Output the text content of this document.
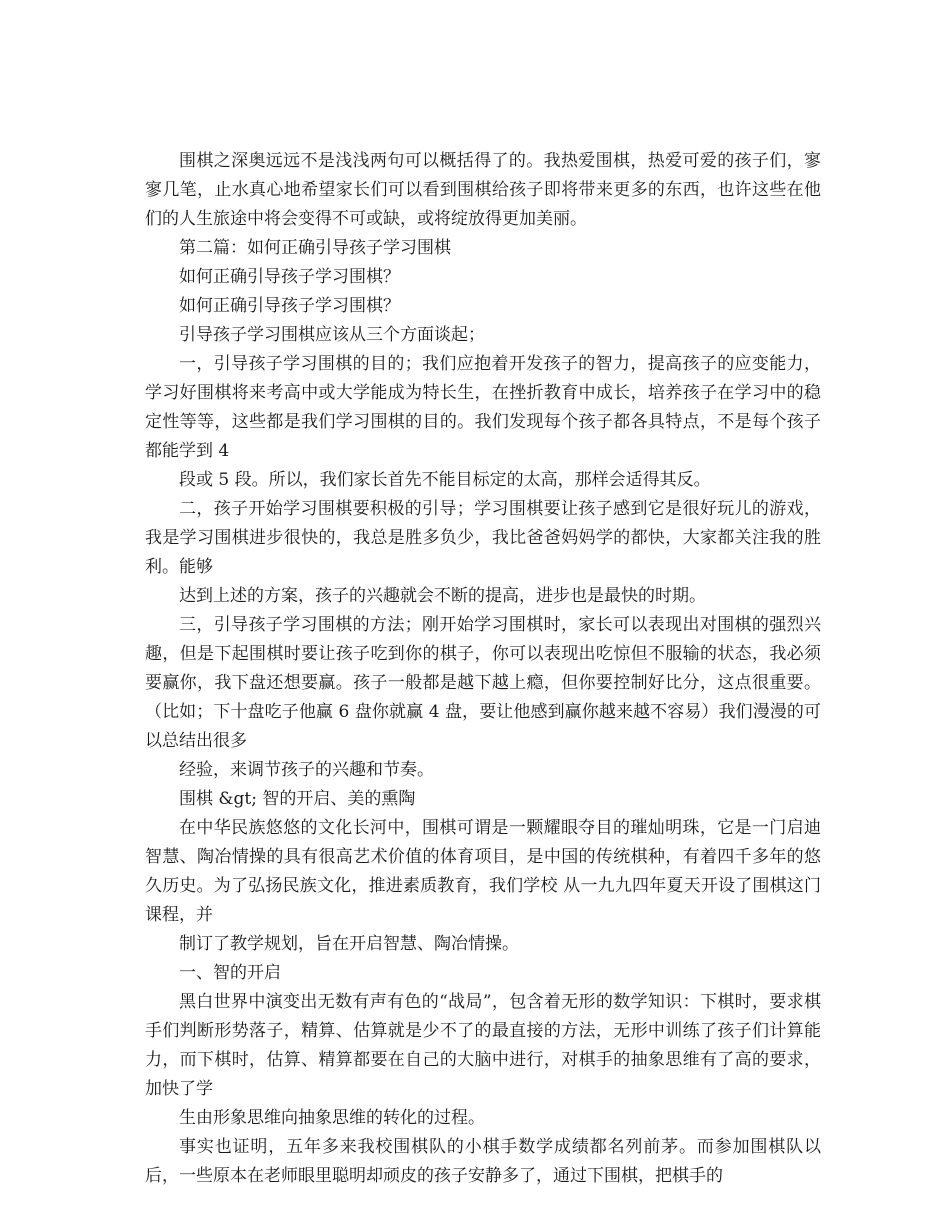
围棋之深奥远远不是浅浅两句可以概括得了的。我热爱围棋，热爱可爱的孩子们，寥寥几笔，止水真心地希望家长们可以看到围棋给孩子即将带来更多的东西，也许这些在他们的人生旅途中将会变得不可或缺，或将绽放得更加美丽。

第二篇：如何正确引导孩子学习围棋

如何正确引导孩子学习围棋？

如何正确引导孩子学习围棋？

引导孩子学习围棋应该从三个方面谈起；

一，引导孩子学习围棋的目的；我们应抱着开发孩子的智力，提高孩子的应变能力，学习好围棋将来考高中或大学能成为特长生，在挫折教育中成长，培养孩子在学习中的稳定性等等，这些都是我们学习围棋的目的。我们发现每个孩子都各具特点，不是每个孩子都能学到 4

段或 5 段。所以，我们家长首先不能目标定的太高，那样会适得其反。

二，孩子开始学习围棋要积极的引导；学习围棋要让孩子感到它是很好玩儿的游戏，我是学习围棋进步很快的，我总是胜多负少，我比爸爸妈妈学的都快，大家都关注我的胜利。能够

达到上述的方案，孩子的兴趣就会不断的提高，进步也是最快的时期。

三，引导孩子学习围棋的方法；刚开始学习围棋时，家长可以表现出对围棋的强烈兴趣，但是下起围棋时要让孩子吃到你的棋子，你可以表现出吃惊但不服输的状态，我必须要赢你，我下盘还想要赢。孩子一般都是越下越上瘾，但你要控制好比分，这点很重要。（比如；下十盘吃子他赢 6 盘你就赢 4 盘，要让他感到赢你越来越不容易）我们漫漫的可以总结出很多

经验，来调节孩子的兴趣和节奏。

围棋 &gt; 智的开启、美的熏陶

在中华民族悠悠的文化长河中，围棋可谓是一颗耀眼夺目的璀灿明珠，它是一门启迪智慧、陶冶情操的具有很高艺术价值的体育项目，是中国的传统棋种，有着四千多年的悠久历史。为了弘扬民族文化，推进素质教育，我们学校 从一九九四年夏天开设了围棋这门课程，并

制订了教学规划，旨在开启智慧、陶冶情操。

一、智的开启

黑白世界中演变出无数有声有色的“战局”，包含着无形的数学知识：下棋时，要求棋手们判断形势落子，精算、估算就是少不了的最直接的方法，无形中训练了孩子们计算能力，而下棋时，估算、精算都要在自己的大脑中进行，对棋手的抽象思维有了高的要求，加快了学

生由形象思维向抽象思维的转化的过程。

事实也证明，五年多来我校围棋队的小棋手数学成绩都名列前茅。而参加围棋队以后，一些原本在老师眼里聪明却顽皮的孩子安静多了，通过下围棋，把棋手的
